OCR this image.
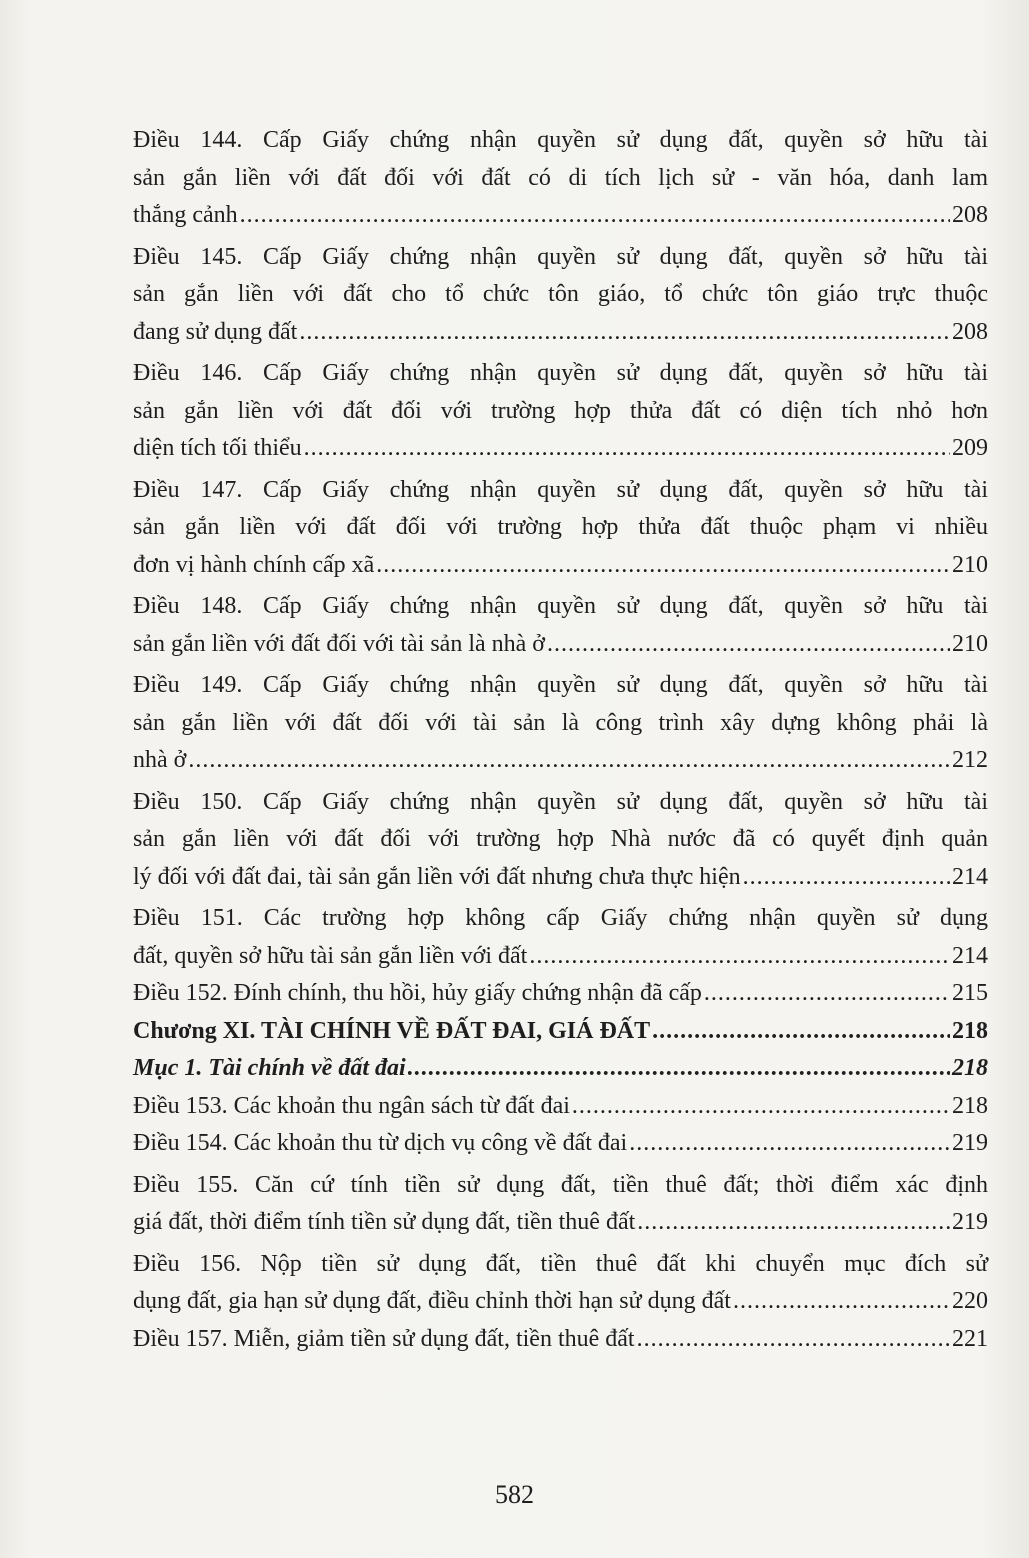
Điều 144. Cấp Giấy chứng nhận quyền sử dụng đất, quyền sở hữu tài
sản gắn liền với đất đối với đất có di tích lịch sử - văn hóa, danh lam
thắng cảnh .....	208
Điều 145. Cấp Giấy chứng nhận quyền sử dụng đất, quyền sở hữu tài
sản gắn liền với đất cho tổ chức tôn giáo, tổ chức tôn giáo trực thuộc
đang sử dụng đất .....	208
Điều 146. Cấp Giấy chứng nhận quyền sử dụng đất, quyền sở hữu tài
sản gắn liền với đất đối với trường hợp thửa đất có diện tích nhỏ hơn
diện tích tối thiểu .....	209
Điều 147. Cấp Giấy chứng nhận quyền sử dụng đất, quyền sở hữu tài
sản gắn liền với đất đối với trường hợp thửa đất thuộc phạm vi nhiều
đơn vị hành chính cấp xã .....	210
Điều 148. Cấp Giấy chứng nhận quyền sử dụng đất, quyền sở hữu tài
sản gắn liền với đất đối với tài sản là nhà ở .....	210
Điều 149. Cấp Giấy chứng nhận quyền sử dụng đất, quyền sở hữu tài
sản gắn liền với đất đối với tài sản là công trình xây dựng không phải là
nhà ở .....	212
Điều 150. Cấp Giấy chứng nhận quyền sử dụng đất, quyền sở hữu tài
sản gắn liền với đất đối với trường hợp Nhà nước đã có quyết định quản
lý đối với đất đai, tài sản gắn liền với đất nhưng chưa thực hiện .....	214
Điều 151. Các trường hợp không cấp Giấy chứng nhận quyền sử dụng
đất, quyền sở hữu tài sản gắn liền với đất .....	214
Điều 152. Đính chính, thu hồi, hủy giấy chứng nhận đã cấp .....	215
Chương XI. TÀI CHÍNH VỀ ĐẤT ĐAI, GIÁ ĐẤT .....	218
Mục 1. Tài chính về đất đai .....	218
Điều 153. Các khoản thu ngân sách từ đất đai .....	218
Điều 154. Các khoản thu từ dịch vụ công về đất đai .....	219
Điều 155. Căn cứ tính tiền sử dụng đất, tiền thuê đất; thời điểm xác định
giá đất, thời điểm tính tiền sử dụng đất, tiền thuê đất .....	219
Điều 156. Nộp tiền sử dụng đất, tiền thuê đất khi chuyển mục đích sử
dụng đất, gia hạn sử dụng đất, điều chỉnh thời hạn sử dụng đất .....	220
Điều 157. Miễn, giảm tiền sử dụng đất, tiền thuê đất .....	221
582
